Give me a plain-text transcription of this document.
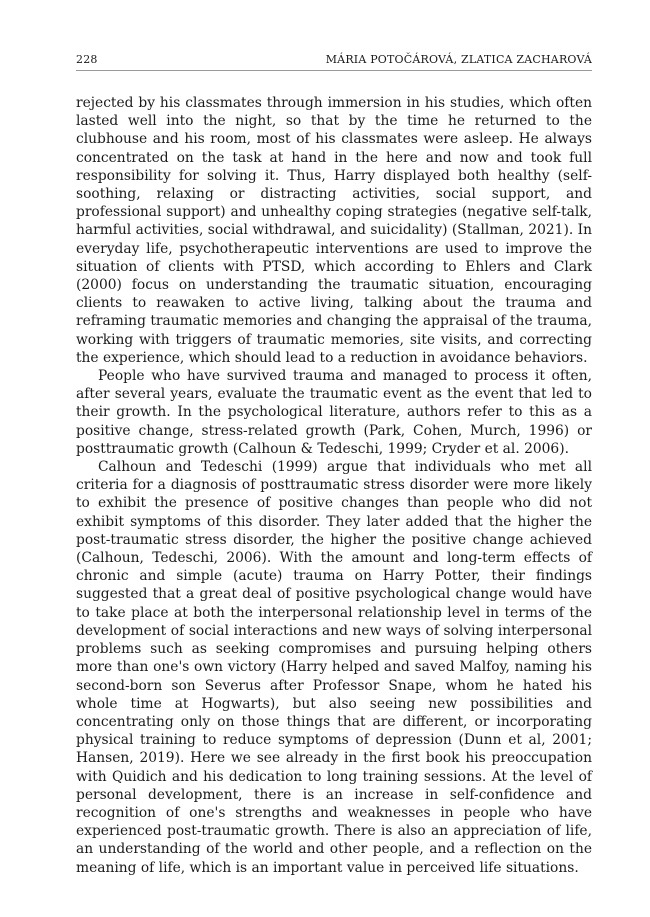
228	MÁRIA POTOČÁROVÁ, ZLATICA ZACHAROVÁ

rejected by his classmates through immersion in his studies, which often lasted well into the night, so that by the time he returned to the clubhouse and his room, most of his classmates were asleep. He always concentrated on the task at hand in the here and now and took full responsibility for solving it. Thus, Harry displayed both healthy (self-soothing, relaxing or distracting activities, social support, and professional support) and unhealthy coping strategies (negative self-talk, harmful activities, social withdrawal, and suicidality) (Stallman, 2021). In everyday life, psychotherapeutic interventions are used to improve the situation of clients with PTSD, which according to Ehlers and Clark (2000) focus on understanding the traumatic situation, encouraging clients to reawaken to active living, talking about the trauma and reframing traumatic memories and changing the appraisal of the trauma, working with triggers of traumatic memories, site visits, and correcting the experience, which should lead to a reduction in avoidance behaviors.

People who have survived trauma and managed to process it often, after several years, evaluate the traumatic event as the event that led to their growth. In the psychological literature, authors refer to this as a positive change, stress-related growth (Park, Cohen, Murch, 1996) or posttraumatic growth (Calhoun & Tedeschi, 1999; Cryder et al. 2006).

Calhoun and Tedeschi (1999) argue that individuals who met all criteria for a diagnosis of posttraumatic stress disorder were more likely to exhibit the presence of positive changes than people who did not exhibit symptoms of this disorder. They later added that the higher the post-traumatic stress disorder, the higher the positive change achieved (Calhoun, Tedeschi, 2006). With the amount and long-term effects of chronic and simple (acute) trauma on Harry Potter, their findings suggested that a great deal of positive psychological change would have to take place at both the interpersonal relationship level in terms of the development of social interactions and new ways of solving interpersonal problems such as seeking compromises and pursuing helping others more than one's own victory (Harry helped and saved Malfoy, naming his second-born son Severus after Professor Snape, whom he hated his whole time at Hogwarts), but also seeing new possibilities and concentrating only on those things that are different, or incorporating physical training to reduce symptoms of depression (Dunn et al, 2001; Hansen, 2019). Here we see already in the first book his preoccupation with Quidich and his dedication to long training sessions. At the level of personal development, there is an increase in self-confidence and recognition of one's strengths and weaknesses in people who have experienced post-traumatic growth. There is also an appreciation of life, an understanding of the world and other people, and a reflection on the meaning of life, which is an important value in perceived life situations.
